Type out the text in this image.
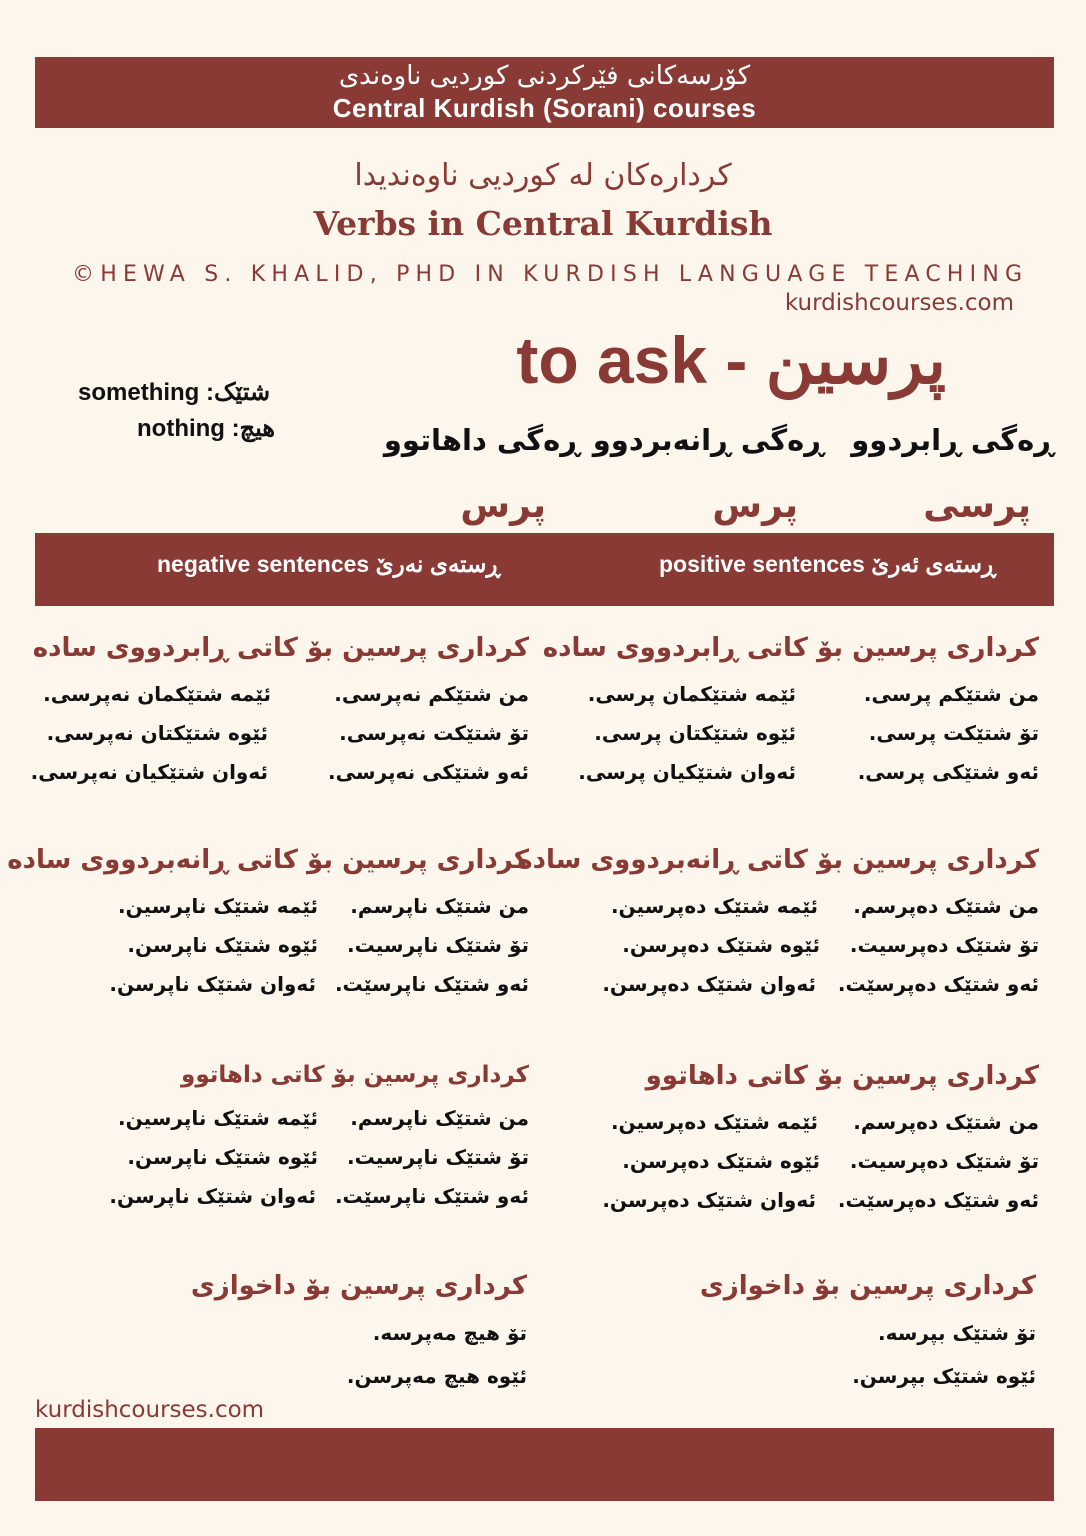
کۆرسەکانی فێرکردنی کوردیی ناوەندی
Central Kurdish (Sorani) courses
کردارەکان لە کوردیی ناوەندیدا
Verbs in Central Kurdish
©HEWA S. KHALID, PHD IN KURDISH LANGUAGE TEACHING
kurdishcourses.com
to ask - پرسین
something :شتێک
nothing :هیچ	ڕەگی ڕابردوو
ڕەگی ڕانەبردوو
ڕەگی داهاتوو
پرسی
پرس
پرس
negative sentences ڕستەی نەرێ	positive sentences ڕستەی ئەرێ
کرداری پرسین بۆ کاتی ڕابردووی سادە
من شتێکم پرسی.
ئێمە شتێکمان پرسی.
تۆ شتێکت پرسی.
ئێوە شتێکتان پرسی.
ئەو شتێکی پرسی.
ئەوان شتێکیان پرسی.
کرداری پرسین بۆ کاتی ڕابردووی سادە
من شتێکم نەپرسی.
ئێمە شتێکمان نەپرسی.
تۆ شتێکت نەپرسی.
ئێوە شتێکتان نەپرسی.
ئەو شتێکی نەپرسی.
ئەوان شتێکیان نەپرسی.
کرداری پرسین بۆ کاتی ڕانەبردووی سادە
من شتێک دەپرسم.
ئێمە شتێک دەپرسین.
تۆ شتێک دەپرسیت.
ئێوە شتێک دەپرسن.
ئەو شتێک دەپرسێت.
ئەوان شتێک دەپرسن.
کرداری پرسین بۆ کاتی ڕانەبردووی سادە
من شتێک ناپرسم.
ئێمە شتێک ناپرسین.
تۆ شتێک ناپرسیت.
ئێوە شتێک ناپرسن.
ئەو شتێک ناپرسێت.
ئەوان شتێک ناپرسن.
کرداری پرسین بۆ کاتی داهاتوو
من شتێک دەپرسم.
ئێمە شتێک دەپرسین.
تۆ شتێک دەپرسیت.
ئێوە شتێک دەپرسن.
ئەو شتێک دەپرسێت.
ئەوان شتێک دەپرسن.
کرداری پرسین بۆ کاتی داهاتوو
من شتێک ناپرسم.
ئێمە شتێک ناپرسین.
تۆ شتێک ناپرسیت.
ئێوە شتێک ناپرسن.
ئەو شتێک ناپرسێت.
ئەوان شتێک ناپرسن.
کرداری پرسین بۆ داخوازی
تۆ شتێک بپرسە.
ئێوە شتێک بپرسن.
کرداری پرسین بۆ داخوازی
تۆ هیچ مەپرسە.
ئێوە هیچ مەپرسن.
kurdishcourses.com
